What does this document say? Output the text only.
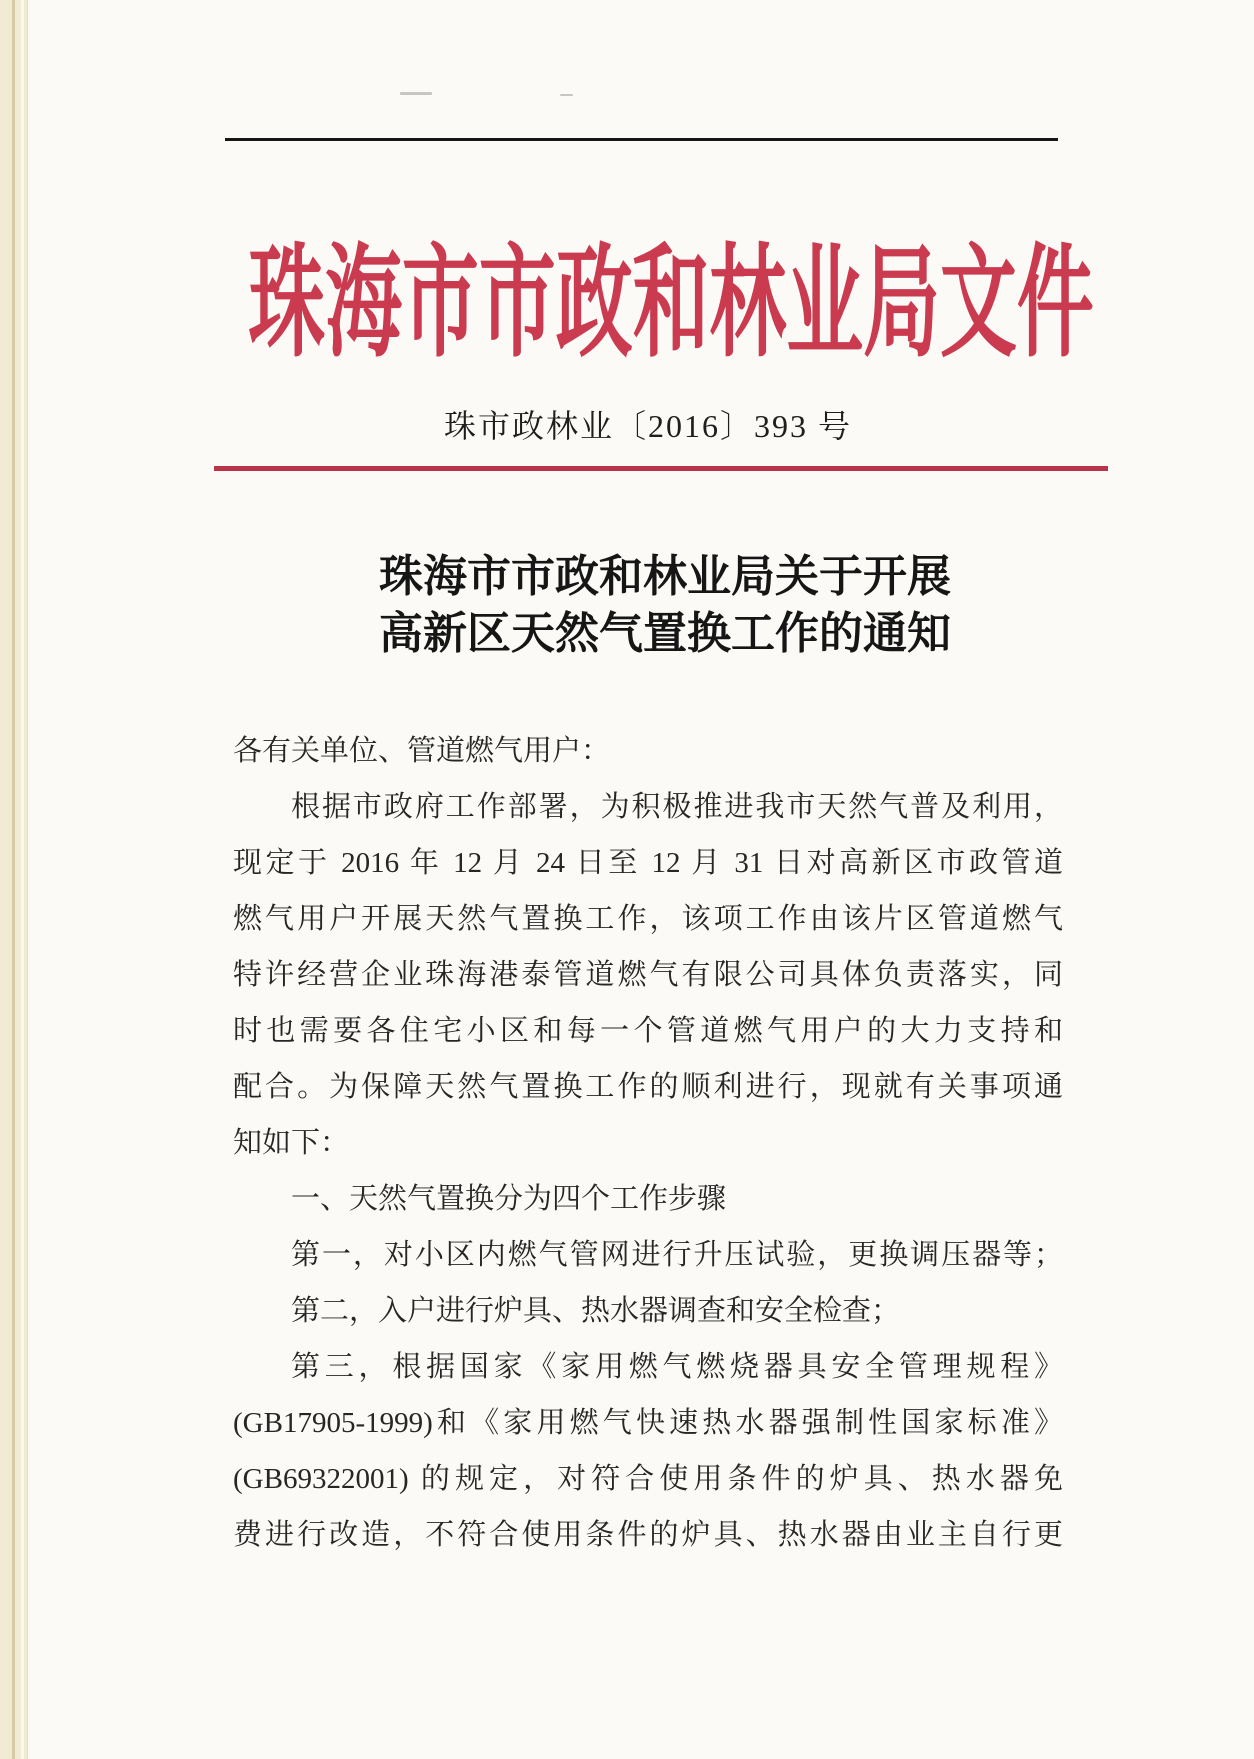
珠海市市政和林业局文件
珠市政林业〔2016〕393 号
珠海市市政和林业局关于开展
高新区天然气置换工作的通知
各有关单位、管道燃气用户：
根据市政府工作部署，为积极推进我市天然气普及利用，
现定于 2016 年 12 月 24 日至 12 月 31 日对高新区市政管道
燃气用户开展天然气置换工作，该项工作由该片区管道燃气
特许经营企业珠海港泰管道燃气有限公司具体负责落实，同
时也需要各住宅小区和每一个管道燃气用户的大力支持和
配合。为保障天然气置换工作的顺利进行，现就有关事项通
知如下：
一、天然气置换分为四个工作步骤
第一，对小区内燃气管网进行升压试验，更换调压器等；
第二，入户进行炉具、热水器调查和安全检查；
第三，根据国家《家用燃气燃烧器具安全管理规程》
(GB17905-1999)和《家用燃气快速热水器强制性国家标准》
(GB69322001) 的规定，对符合使用条件的炉具、热水器免
费进行改造，不符合使用条件的炉具、热水器由业主自行更
